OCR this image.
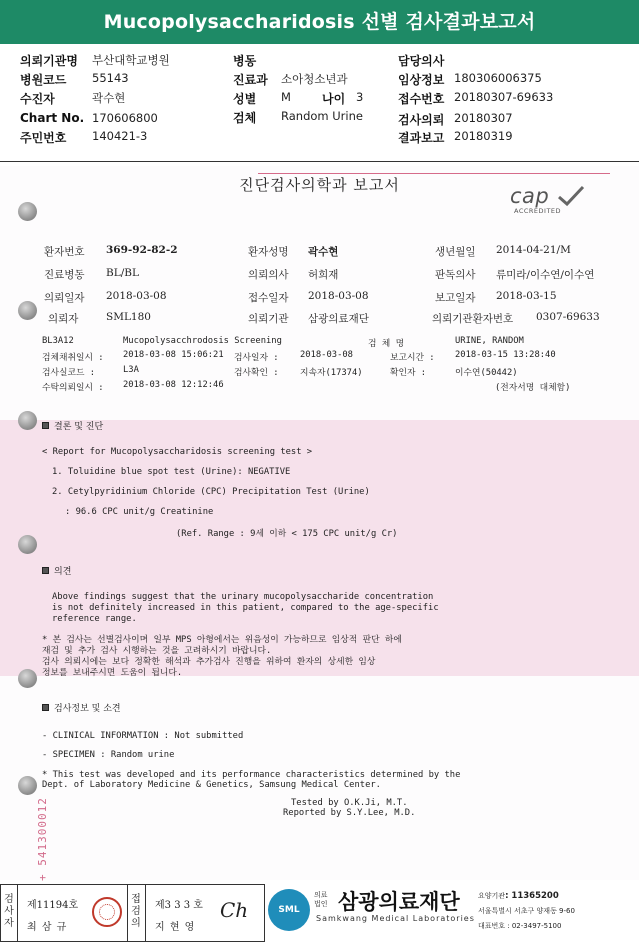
Mucopolysaccharidosis 선별 검사결과보고서
의뢰기관명 부산대학교병원
병원코드 55143
수진자	곽수현
Chart No. 170606800
주민번호 140421-3
병동
진료과 소아청소년과
성별 M	나이 3
검체 Random Urine
담당의사
임상정보 180306006375
접수번호 20180307-69633
검사의뢰 20180307
결과보고 20180319
진단검사의학과 보고서	cap
ACCREDITED
환자번호 369-92-82-2	환자성명 곽수현	생년월일 2014-04-21/M
진료병동 BL/BL	의뢰의사 허희재	판독의사 류미라/이수연/이수연
의뢰일자 2018-03-08	접수일자 2018-03-08	보고일자 2018-03-15
의뢰자	SML180	의뢰기관 삼광의료재단	의뢰기관환자번호 0307-69633
BL3A12	Mucopolysacchrodosis Screening	검 체 명	URINE, RANDOM
검체채취일시 : 2018-03-08 15:06:21 검사일자 : 2018-03-08	보고시간 : 2018-03-15 13:28:40
검사실코드 :	L3A	검사확인 : 지속자(17374)	확인자 :	이수연(50442)
수탁의뢰일시 : 2018-03-08 12:12:46	(전자서명 대체함)
결론 및 진단
< Report for Mucopolysaccharidosis screening test >
1. Toluidine blue spot test (Urine): NEGATIVE
2. Cetylpyridinium Chloride (CPC) Precipitation Test (Urine)
: 96.6 CPC unit/g Creatinine
(Ref. Range : 9세 이하 < 175 CPC unit/g Cr)
의견
Above findings suggest that the urinary mucopolysaccharide concentration
is not definitely increased in this patient, compared to the age-specific
reference range.
* 본 검사는 선별검사이며 일부 MPS 아형에서는 위음성이 가능하므로 임상적 판단 하에
재검 및 추가 검사 시행하는 것을 고려하시기 바랍니다.
검사 의뢰시에는 보다 정확한 해석과 추가검사 진행을 위하여 환자의 상세한 임상
정보를 보내주시면 도움이 됩니다.
검사정보 및 소견
- CLINICAL INFORMATION : Not submitted
- SPECIMEN : Random urine
* This test was developed and its performance characteristics determined by the
Dept. of Laboratory Medicine & Genetics, Samsung Medical Center.
Tested by O.K.Ji, M.T.
Reported by S.Y.Lee, M.D.
+ 541300012
검
사
자
제11194호
최 삼 규
접
검
의
제3 3 3 호
지 현 영
Ch	SML
의료
법인 삼광의료재단
Samkwang Medical Laboratories
요양기관: 11365200
서울특별시 서초구 양재동 9-60
대표번호 : 02-3497-5100
